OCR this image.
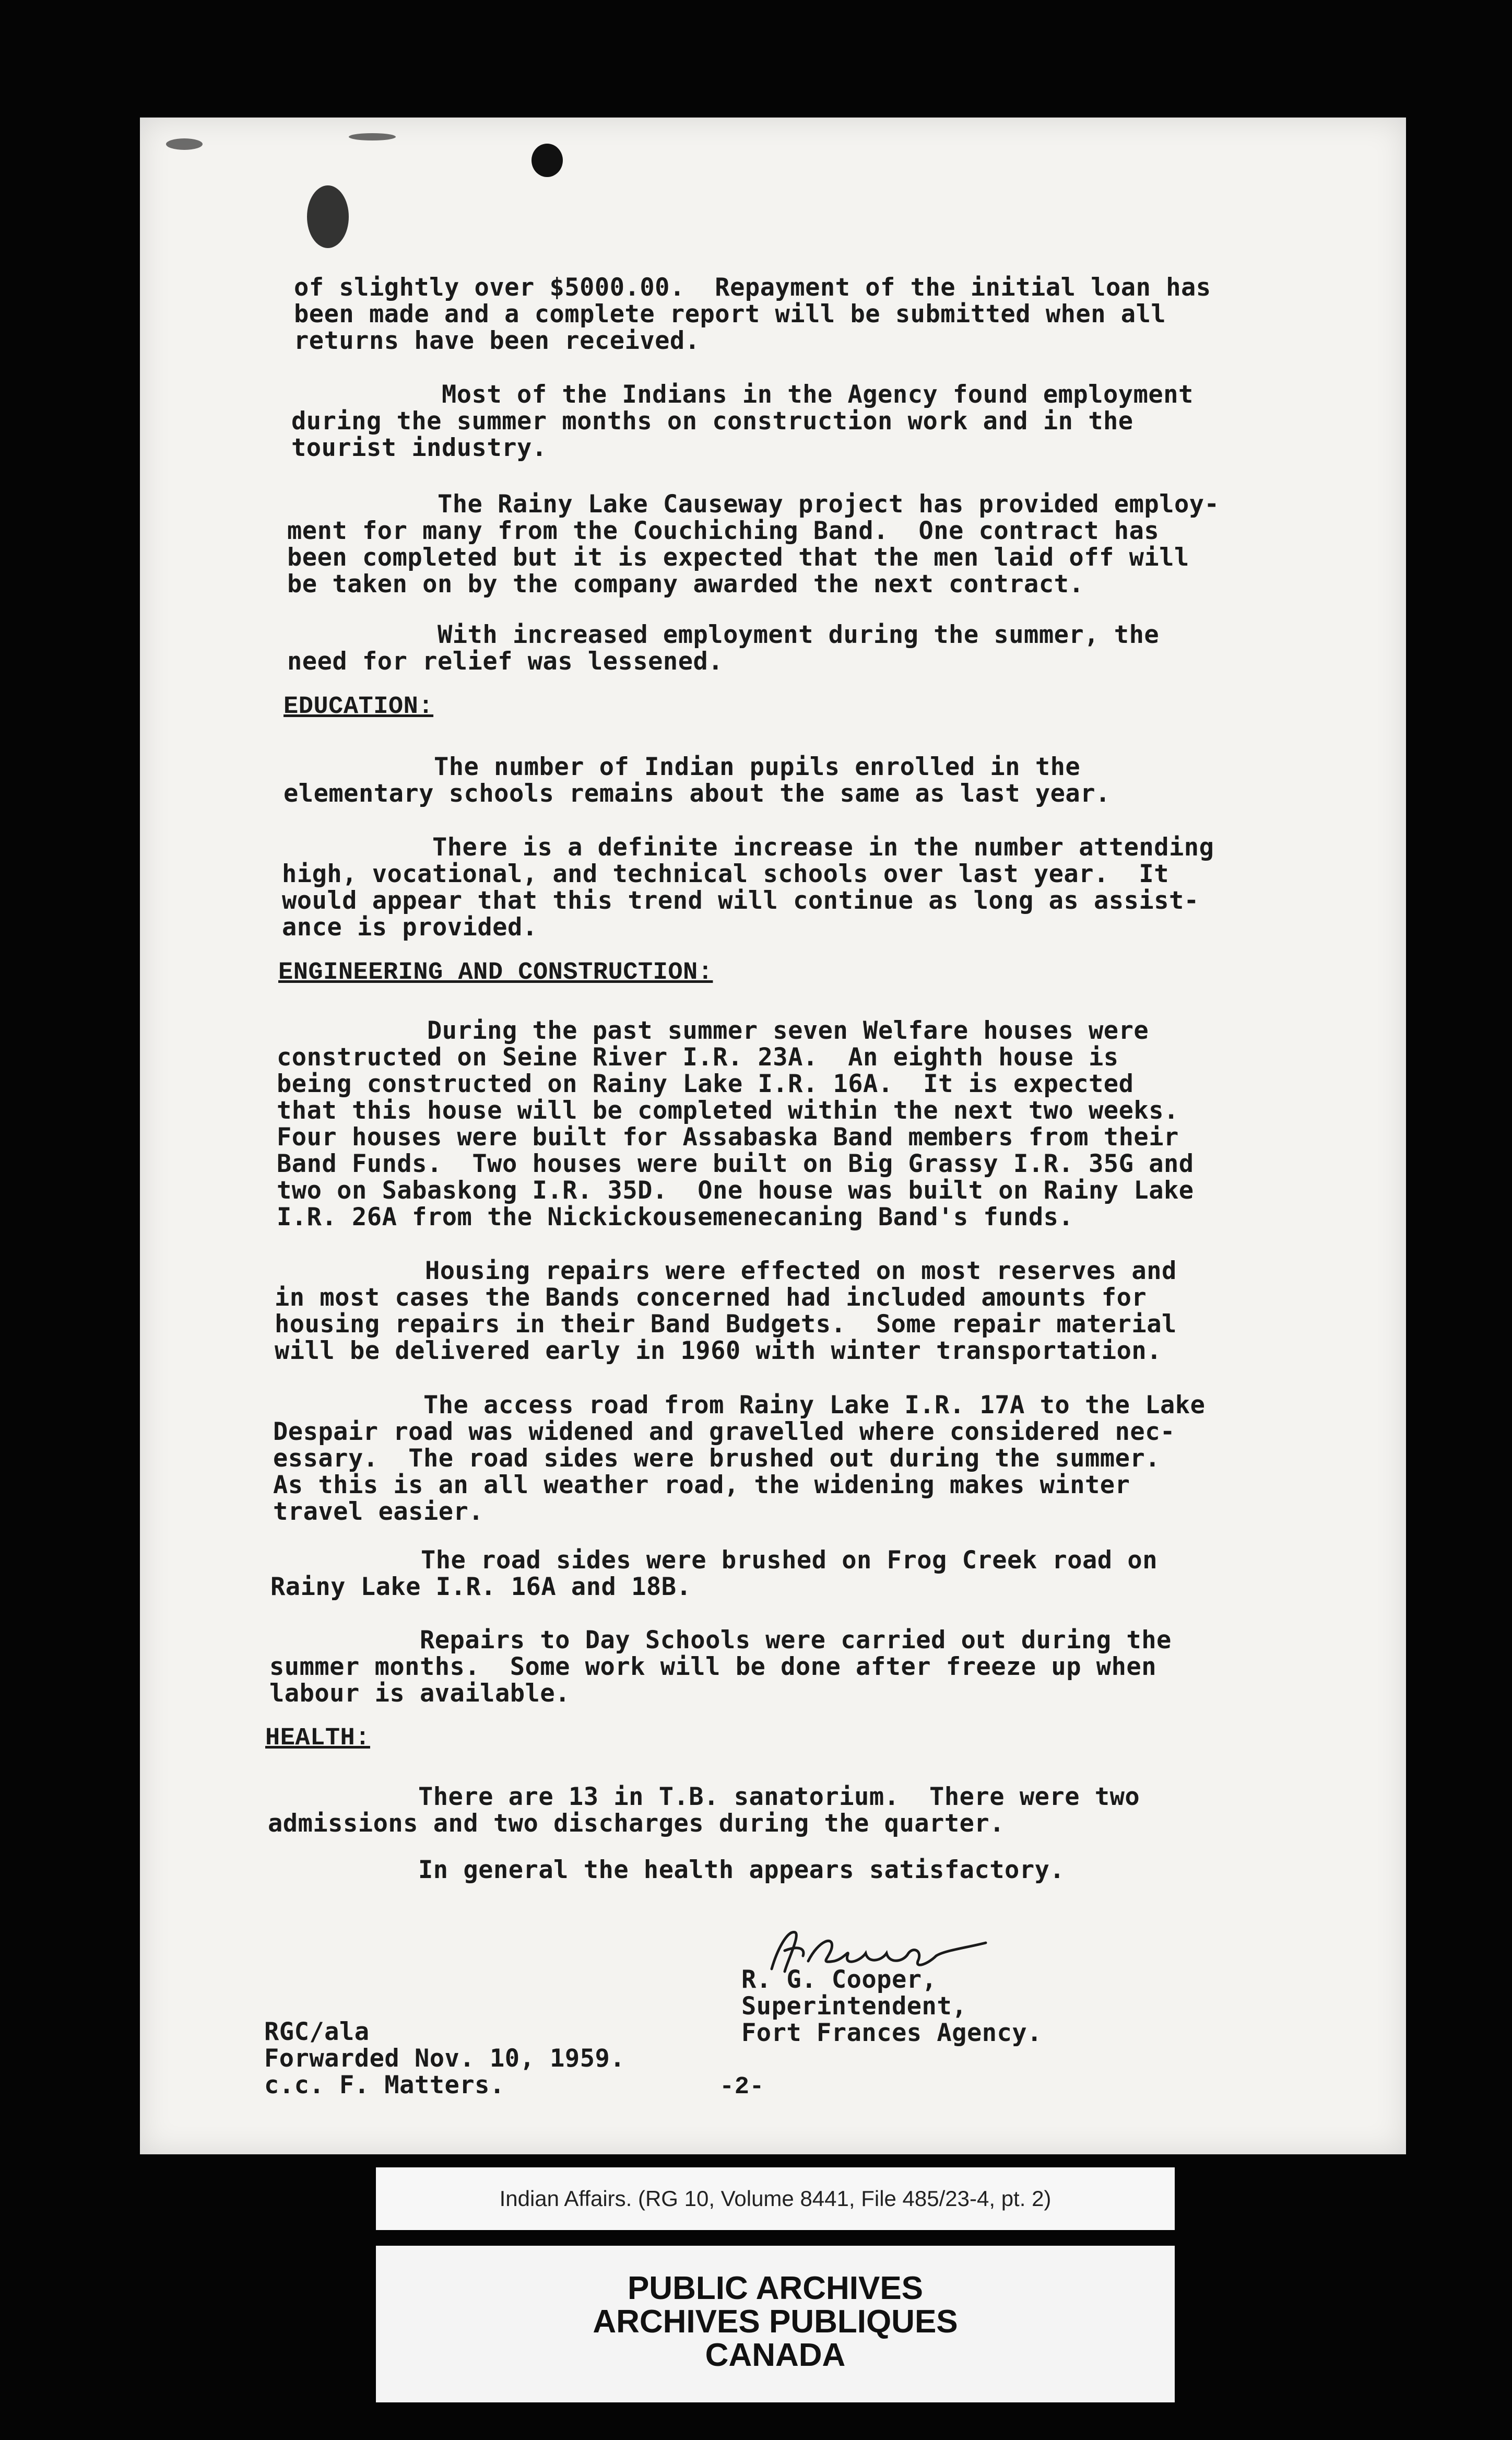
of slightly over $5000.00.  Repayment of the initial loan has
been made and a complete report will be submitted when all
returns have been received.
Most of the Indians in the Agency found employment
during the summer months on construction work and in the
tourist industry.
The Rainy Lake Causeway project has provided employ-
ment for many from the Couchiching Band.  One contract has
been completed but it is expected that the men laid off will
be taken on by the company awarded the next contract.
With increased employment during the summer, the
need for relief was lessened.
EDUCATION:
The number of Indian pupils enrolled in the
elementary schools remains about the same as last year.
There is a definite increase in the number attending
high, vocational, and technical schools over last year.  It
would appear that this trend will continue as long as assist-
ance is provided.
ENGINEERING AND CONSTRUCTION:
During the past summer seven Welfare houses were
constructed on Seine River I.R. 23A.  An eighth house is
being constructed on Rainy Lake I.R. 16A.  It is expected
that this house will be completed within the next two weeks.
Four houses were built for Assabaska Band members from their
Band Funds.  Two houses were built on Big Grassy I.R. 35G and
two on Sabaskong I.R. 35D.  One house was built on Rainy Lake
I.R. 26A from the Nickickousemenecaning Band's funds.
Housing repairs were effected on most reserves and
in most cases the Bands concerned had included amounts for
housing repairs in their Band Budgets.  Some repair material
will be delivered early in 1960 with winter transportation.
The access road from Rainy Lake I.R. 17A to the Lake
Despair road was widened and gravelled where considered nec-
essary.  The road sides were brushed out during the summer.
As this is an all weather road, the widening makes winter
travel easier.
The road sides were brushed on Frog Creek road on
Rainy Lake I.R. 16A and 18B.
Repairs to Day Schools were carried out during the
summer months.  Some work will be done after freeze up when
labour is available.
HEALTH:
There are 13 in T.B. sanatorium.  There were two
admissions and two discharges during the quarter.
In general the health appears satisfactory.
R. G. Cooper,
Superintendent,
Fort Frances Agency.
RGC/ala
Forwarded Nov. 10, 1959.
c.c. F. Matters.	-2-
Indian Affairs. (RG 10, Volume 8441, File 485/23-4, pt. 2)
PUBLIC ARCHIVES
ARCHIVES PUBLIQUES
CANADA
